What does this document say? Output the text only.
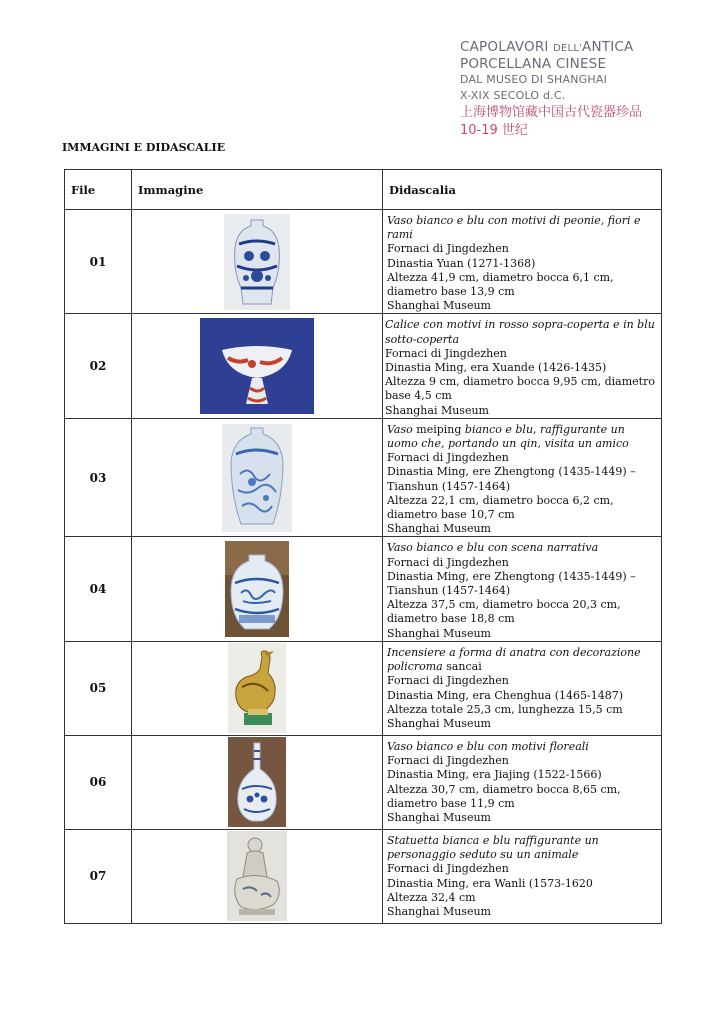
CAPOLAVORI DELL'ANTICA
PORCELLANA CINESE
DAL MUSEO DI SHANGHAI
X-XIX SECOLO d.C.
上海博物馆藏中国古代瓷器珍品
10-19 世纪
IMMAGINI E DIDASCALIE
File	Immagine	Didascalia
01		Vaso bianco e blu con motivi di peonie, fiori e rami
Fornaci di Jingdezhen
Dinastia Yuan (1271-1368)
Altezza 41,9 cm, diametro bocca 6,1 cm, diametro base 13,9 cm
Shanghai Museum

02		Calice con motivi in rosso sopra-coperta e in blu sotto-coperta
Fornaci di Jingdezhen
Dinastia Ming, era Xuande (1426-1435)
Altezza 9 cm, diametro bocca 9,95 cm, diametro base 4,5 cm
Shanghai Museum

03		Vaso meiping bianco e blu, raffigurante un uomo che, portando un qin, visita un amico
Fornaci di Jingdezhen
Dinastia Ming, ere Zhengtong (1435-1449) – Tianshun (1457-1464)
Altezza 22,1 cm, diametro bocca 6,2 cm, diametro base 10,7 cm
Shanghai Museum

04		Vaso bianco e blu con scena narrativa
Fornaci di Jingdezhen
Dinastia Ming, ere Zhengtong (1435-1449) – Tianshun (1457-1464)
Altezza 37,5 cm, diametro bocca 20,3 cm, diametro base 18,8 cm
Shanghai Museum

05		Incensiere a forma di anatra con decorazione policroma sancai
Fornaci di Jingdezhen
Dinastia Ming, era Chenghua (1465-1487)
Altezza totale 25,3 cm, lunghezza 15,5 cm
Shanghai Museum

06		Vaso bianco e blu con motivi floreali
Fornaci di Jingdezhen
Dinastia Ming, era Jiajing (1522-1566)
Altezza 30,7 cm, diametro bocca 8,65 cm, diametro base 11,9 cm
Shanghai Museum

07		Statuetta bianca e blu raffigurante un personaggio seduto su un animale
Fornaci di Jingdezhen
Dinastia Ming, era Wanli (1573-1620
Altezza 32,4 cm
Shanghai Museum
